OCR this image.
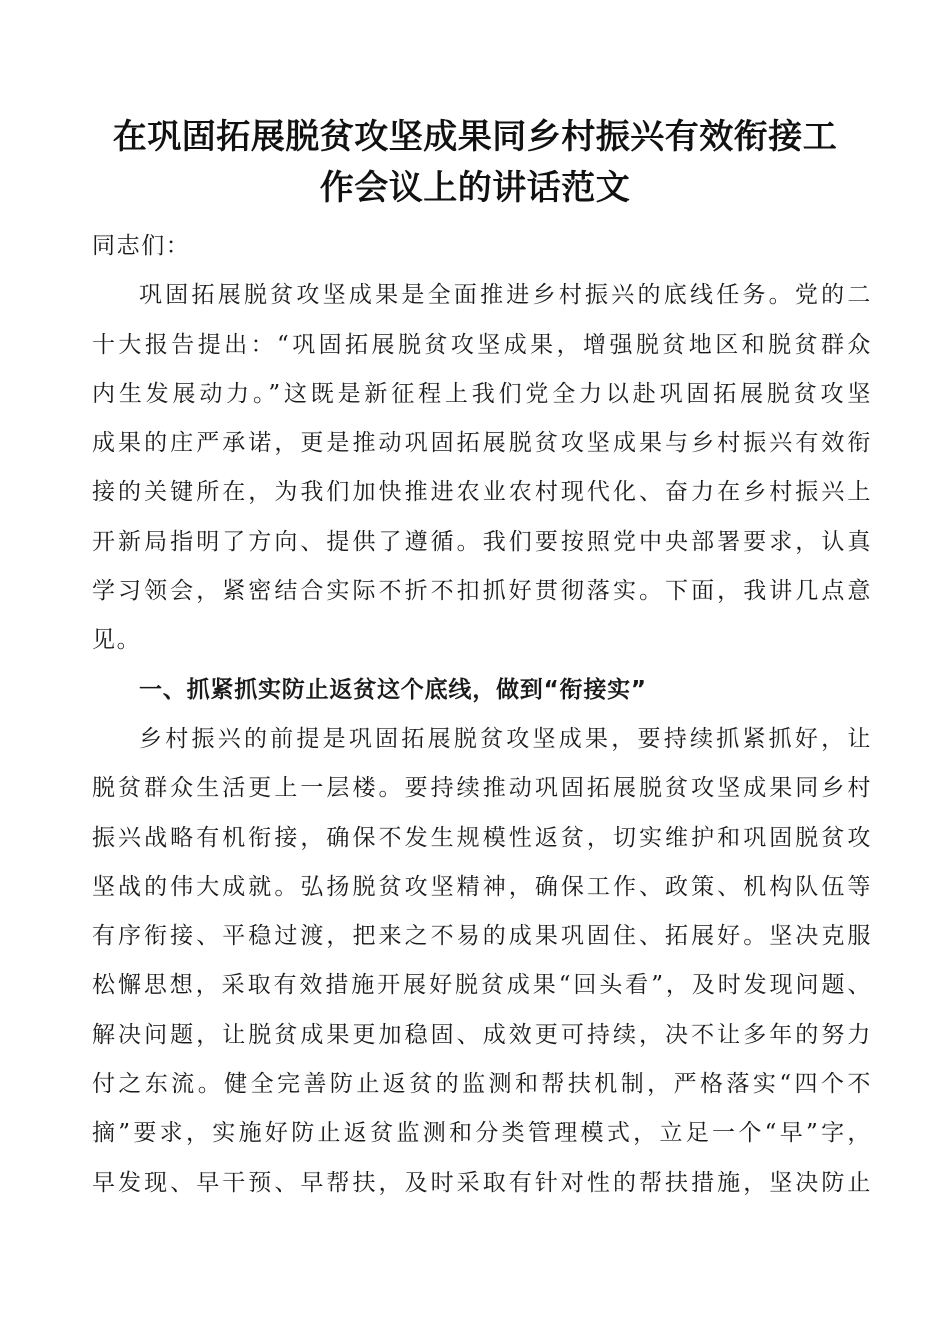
在巩固拓展脱贫攻坚成果同乡村振兴有效衔接工
作会议上的讲话范文
同志们：
巩固拓展脱贫攻坚成果是全面推进乡村振兴的底线任务。党的二
十大报告提出：“巩固拓展脱贫攻坚成果，增强脱贫地区和脱贫群众
内生发展动力。”这既是新征程上我们党全力以赴巩固拓展脱贫攻坚
成果的庄严承诺，更是推动巩固拓展脱贫攻坚成果与乡村振兴有效衔
接的关键所在，为我们加快推进农业农村现代化、奋力在乡村振兴上
开新局指明了方向、提供了遵循。我们要按照党中央部署要求，认真
学习领会，紧密结合实际不折不扣抓好贯彻落实。下面，我讲几点意
见。
一、抓紧抓实防止返贫这个底线，做到“衔接实”
乡村振兴的前提是巩固拓展脱贫攻坚成果，要持续抓紧抓好，让
脱贫群众生活更上一层楼。要持续推动巩固拓展脱贫攻坚成果同乡村
振兴战略有机衔接，确保不发生规模性返贫，切实维护和巩固脱贫攻
坚战的伟大成就。弘扬脱贫攻坚精神，确保工作、政策、机构队伍等
有序衔接、平稳过渡，把来之不易的成果巩固住、拓展好。坚决克服
松懈思想，采取有效措施开展好脱贫成果“回头看”，及时发现问题、
解决问题，让脱贫成果更加稳固、成效更可持续，决不让多年的努力
付之东流。健全完善防止返贫的监测和帮扶机制，严格落实“四个不
摘”要求，实施好防止返贫监测和分类管理模式，立足一个“早”字，
早发现、早干预、早帮扶，及时采取有针对性的帮扶措施，坚决防止
